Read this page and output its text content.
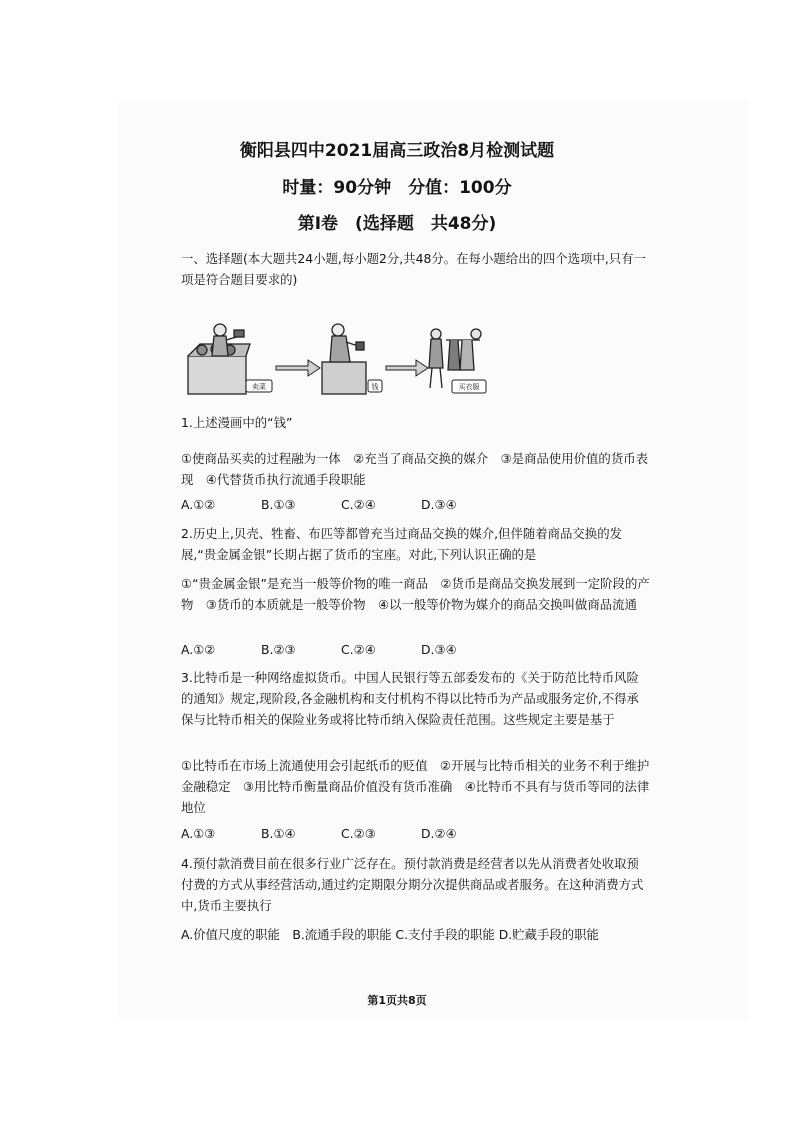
衡阳县四中2021届高三政治8月检测试题
时量：90分钟　分值：100分
第Ⅰ卷　(选择题　共48分)

一、选择题(本大题共24小题,每小题2分,共48分。在每小题给出的四个选项中,只有一项是符合题目要求的)

卖菜	钱	买衣服

1.上述漫画中的“钱”

①使商品买卖的过程融为一体　②充当了商品交换的媒介　③是商品使用价值的货币表现　④代替货币执行流通手段职能

A.①②	B.①③	C.②④	D.③④

2.历史上,贝壳、牲畜、布匹等都曾充当过商品交换的媒介,但伴随着商品交换的发展,“贵金属金银”长期占据了货币的宝座。对此,下列认识正确的是

①“贵金属金银”是充当一般等价物的唯一商品　②货币是商品交换发展到一定阶段的产物　③货币的本质就是一般等价物　④以一般等价物为媒介的商品交换叫做商品流通

A.①②	B.②③	C.②④	D.③④

3.比特币是一种网络虚拟货币。中国人民银行等五部委发布的《关于防范比特币风险的通知》规定,现阶段,各金融机构和支付机构不得以比特币为产品或服务定价,不得承保与比特币相关的保险业务或将比特币纳入保险责任范围。这些规定主要是基于

①比特币在市场上流通使用会引起纸币的贬值　②开展与比特币相关的业务不利于维护金融稳定　③用比特币衡量商品价值没有货币准确　④比特币不具有与货币等同的法律地位

A.①③	B.①④	C.②③	D.②④

4.预付款消费目前在很多行业广泛存在。预付款消费是经营者以先从消费者处收取预付费的方式从事经营活动,通过约定期限分期分次提供商品或者服务。在这种消费方式中,货币主要执行

A.价值尺度的职能　B.流通手段的职能 C.支付手段的职能 D.贮藏手段的职能
第1页共8页
